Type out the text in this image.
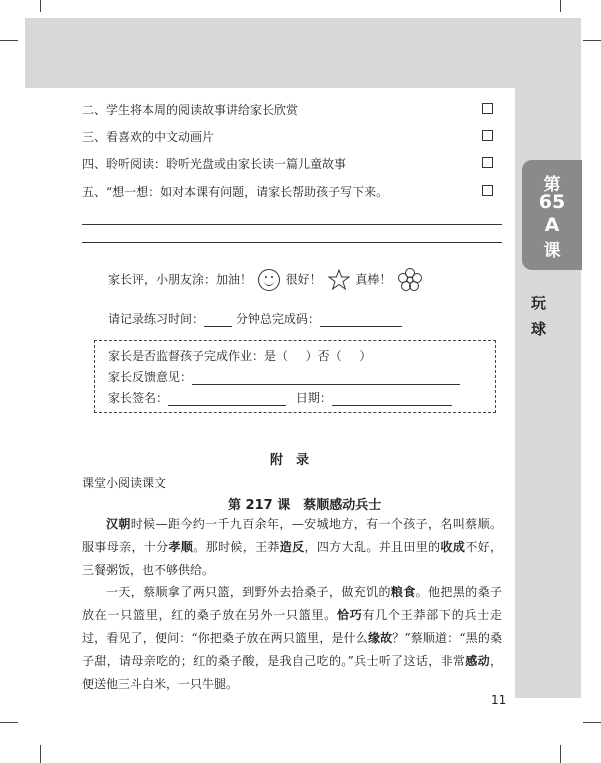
第
65
A
课
玩
球
二、学生将本周的阅读故事讲给家长欣赏
三、看喜欢的中文动画片
四、聆听阅读：聆听光盘或由家长读一篇儿童故事
五、“想一想：如对本课有问题，请家长帮助孩子写下来。
家长评，小朋友涂：加油！	很好！	真棒！
请记录练习时间：	分钟总完成码：
家长是否监督孩子完成作业：是（ ）否（ ）
家长反馈意见：
家长签名：	日期：
附　录
课堂小阅读课文
第 217 课　蔡顺感动兵士
汉朝时候—距今约一千九百余年，—安城地方，有一个孩子，名叫蔡顺。服事母亲，十分孝顺。那时候，王莽造反，四方大乱。并且田里的收成不好，三餐粥饭，也不够供给。
一天，蔡顺拿了两只篮，到野外去拾桑子，做充饥的粮食。他把黑的桑子放在一只篮里，红的桑子放在另外一只篮里。恰巧有几个王莽部下的兵士走过，看见了，便问：“你把桑子放在两只篮里，是什么缘故？”蔡顺道：“黑的桑子甜，请母亲吃的；红的桑子酸，是我自己吃的。”兵士听了这话，非常感动，便送他三斗白米，一只牛腿。
11
